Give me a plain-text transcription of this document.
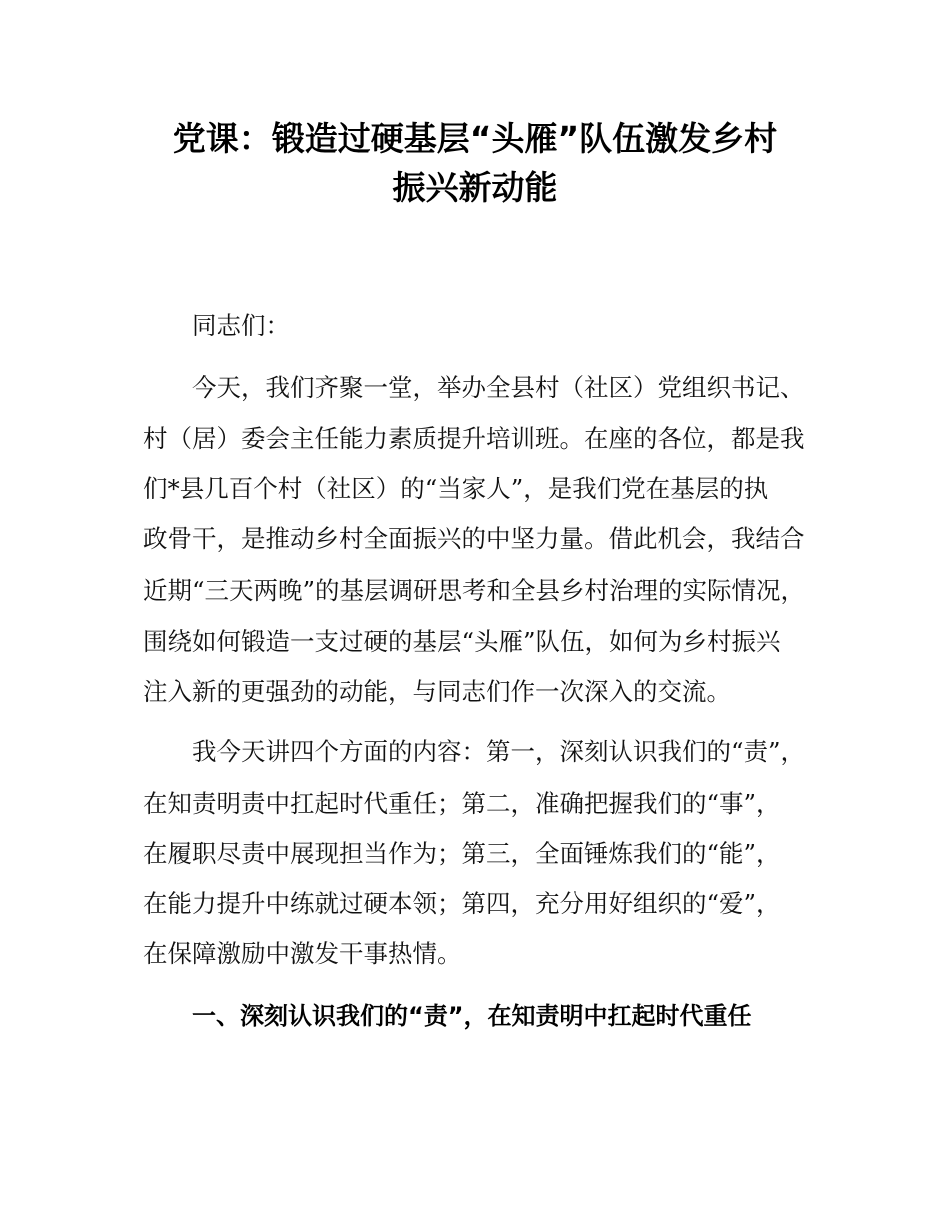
党课：锻造过硬基层“头雁”队伍激发乡村
振兴新动能

同志们：

今天，我们齐聚一堂，举办全县村（社区）党组织书记、

村（居）委会主任能力素质提升培训班。在座的各位，都是我

们*县几百个村（社区）的“当家人”，是我们党在基层的执

政骨干，是推动乡村全面振兴的中坚力量。借此机会，我结合

近期“三天两晚”的基层调研思考和全县乡村治理的实际情况，

围绕如何锻造一支过硬的基层“头雁”队伍，如何为乡村振兴

注入新的更强劲的动能，与同志们作一次深入的交流。

我今天讲四个方面的内容：第一，深刻认识我们的“责”，

在知责明责中扛起时代重任；第二，准确把握我们的“事”，

在履职尽责中展现担当作为；第三，全面锤炼我们的“能”，

在能力提升中练就过硬本领；第四，充分用好组织的“爱”，

在保障激励中激发干事热情。

一、深刻认识我们的“责”，在知责明中扛起时代重任
